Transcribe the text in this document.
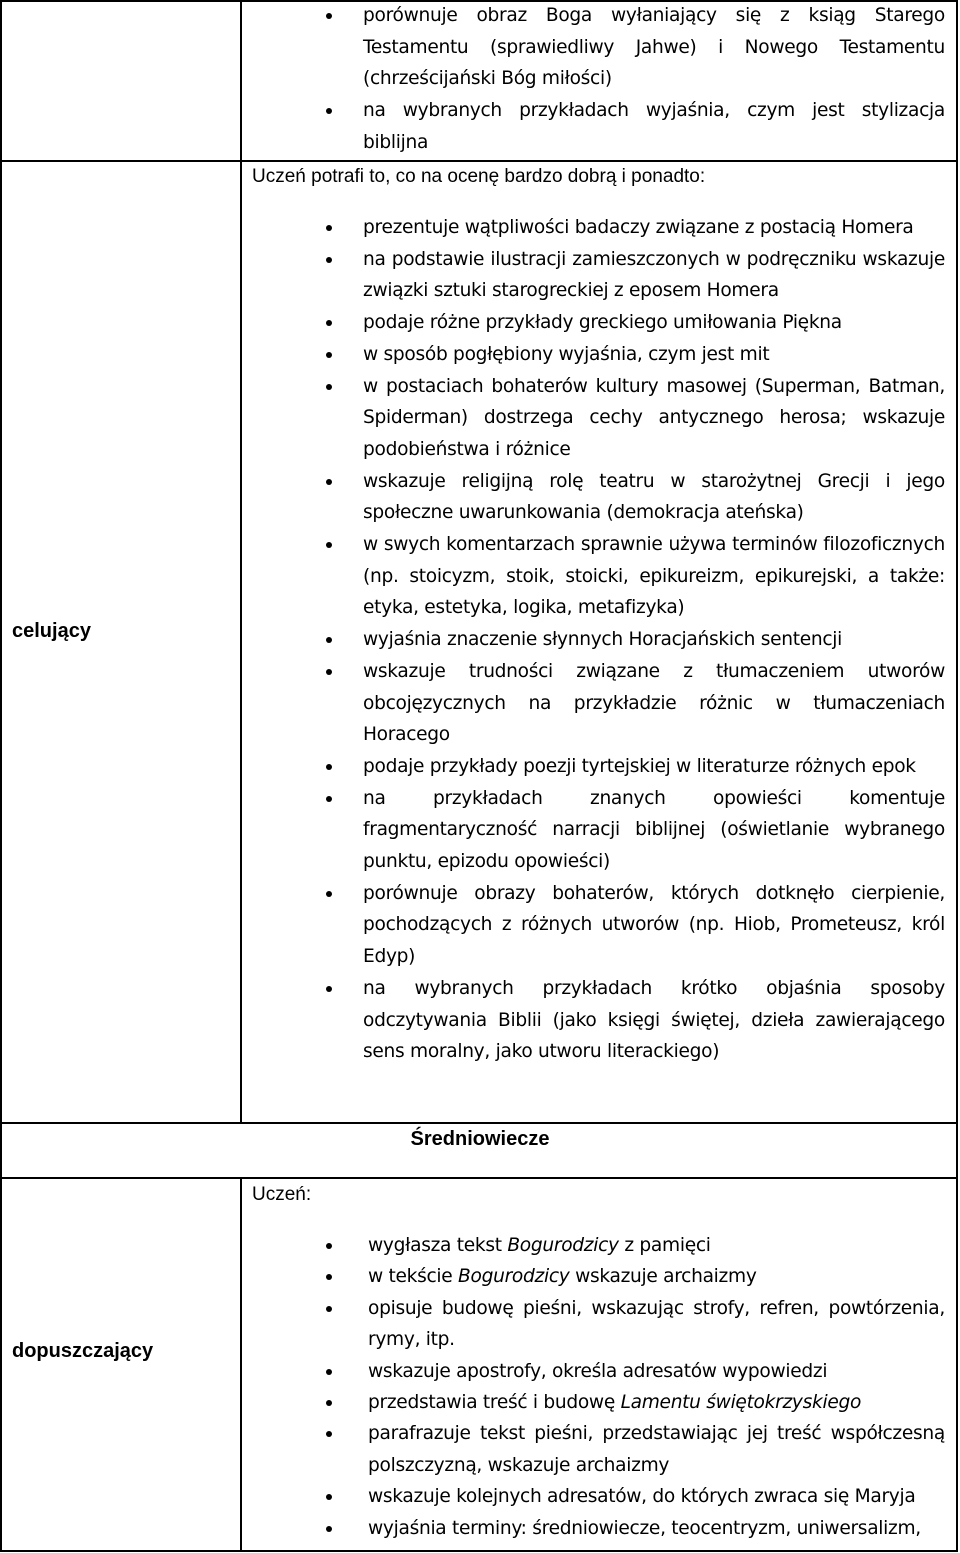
porównuje obraz Boga wyłaniający się z ksiąg Starego Testamentu (sprawiedliwy Jahwe) i Nowego Testamentu (chrześcijański Bóg miłości)
na wybranych przykładach wyjaśnia, czym jest stylizacja biblijna
celujący
Uczeń potrafi to, co na ocenę bardzo dobrą i ponadto:
prezentuje wątpliwości badaczy związane z postacią Homera
na podstawie ilustracji zamieszczonych w podręczniku wskazuje związki sztuki starogreckiej z eposem Homera
podaje różne przykłady greckiego umiłowania Piękna
w sposób pogłębiony wyjaśnia, czym jest mit
w postaciach bohaterów kultury masowej (Superman, Batman, Spiderman) dostrzega cechy antycznego herosa; wskazuje podobieństwa i różnice
wskazuje religijną rolę teatru w starożytnej Grecji i jego społeczne uwarunkowania (demokracja ateńska)
w swych komentarzach sprawnie używa terminów filozoficznych (np. stoicyzm, stoik, stoicki, epikureizm, epikurejski, a także: etyka, estetyka, logika, metafizyka)
wyjaśnia znaczenie słynnych Horacjańskich sentencji
wskazuje trudności związane z tłumaczeniem utworów obcojęzycznych na przykładzie różnic w tłumaczeniach Horacego
podaje przykłady poezji tyrtejskiej w literaturze różnych epok
na przykładach znanych opowieści komentuje fragmentaryczność narracji biblijnej (oświetlanie wybranego punktu, epizodu opowieści)
porównuje obrazy bohaterów, których dotknęło cierpienie, pochodzących z różnych utworów (np. Hiob, Prometeusz, król Edyp)
na wybranych przykładach krótko objaśnia sposoby odczytywania Biblii (jako księgi świętej, dzieła zawierającego sens moralny, jako utworu literackiego)
Średniowiecze
dopuszczający
Uczeń:
wygłasza tekst Bogurodzicy z pamięci
w tekście Bogurodzicy wskazuje archaizmy
opisuje budowę pieśni, wskazując strofy, refren, powtórzenia, rymy, itp.
wskazuje apostrofy, określa adresatów wypowiedzi
przedstawia treść i budowę Lamentu świętokrzyskiego
parafrazuje tekst pieśni, przedstawiając jej treść współczesną polszczyzną, wskazuje archaizmy
wskazuje kolejnych adresatów, do których zwraca się Maryja
wyjaśnia terminy: średniowiecze, teocentryzm, uniwersalizm,
